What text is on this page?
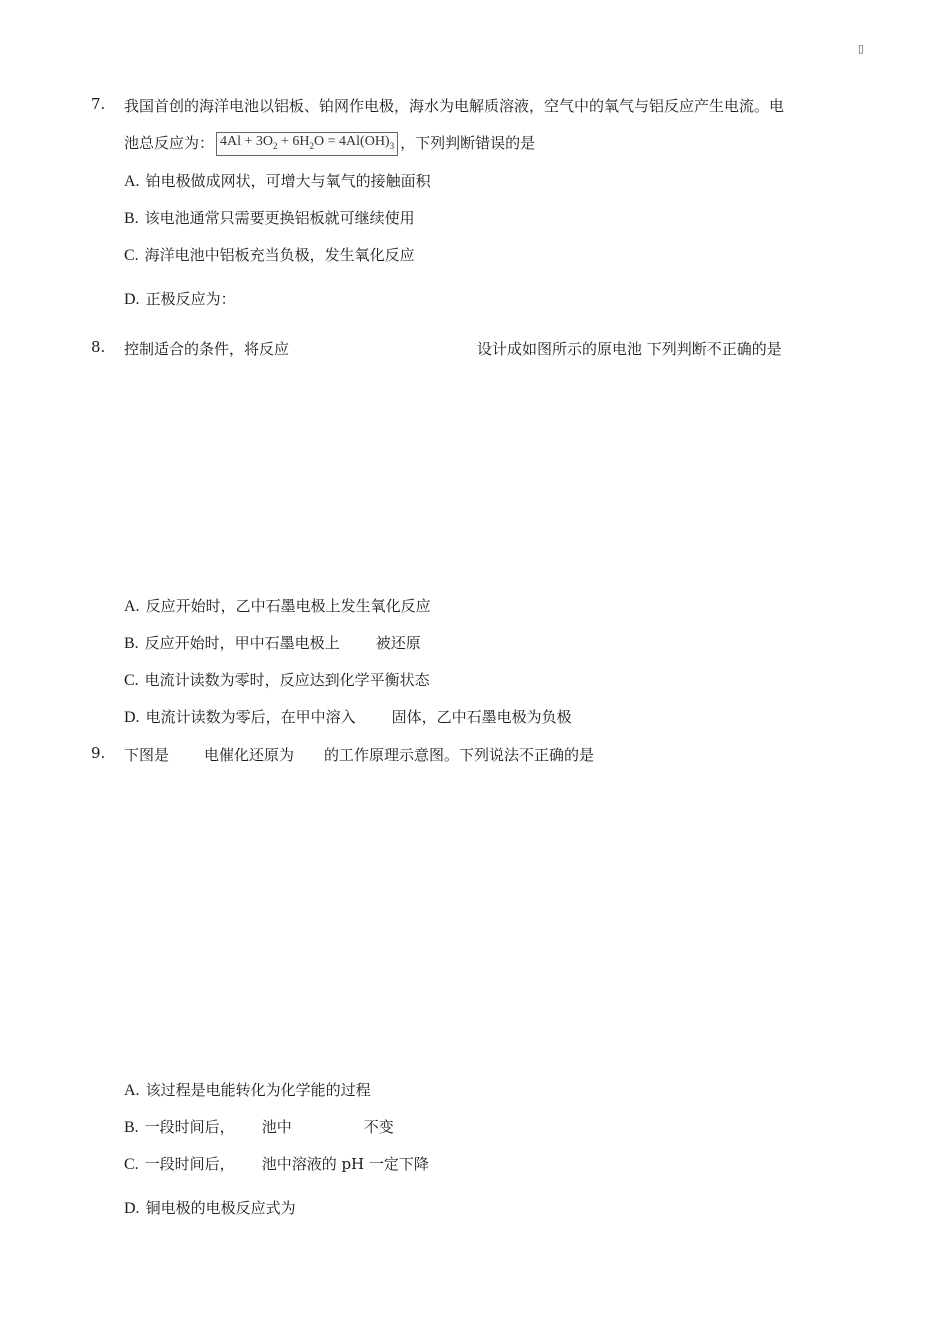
▯
7. 我国首创的海洋电池以铝板、铂网作电极，海水为电解质溶液，空气中的氧气与铝反应产生电流。电
池总反应为： $4Al + 3O_2 + 6H_2O = 4Al(OH)_3$ ，下列判断错误的是
A. 铂电极做成网状，可增大与氧气的接触面积
B. 该电池通常只需要更换铝板就可继续使用
C. 海洋电池中铝板充当负极，发生氧化反应
D. 正极反应为：
8. 控制适合的条件，将反应	设计成如图所示的原电池 下列判断不正确的是
A. 反应开始时，乙中石墨电极上发生氧化反应
B. 反应开始时，甲中石墨电极上 被还原
C. 电流计读数为零时，反应达到化学平衡状态
D. 电流计读数为零后，在甲中溶入 固体，乙中石墨电极为负极
9. 下图是 电催化还原为 的工作原理示意图。下列说法不正确的是
A. 该过程是电能转化为化学能的过程
B. 一段时间后， 池中	不变
C. 一段时间后， 池中溶液的 pH 一定下降
D. 铜电极的电极反应式为
